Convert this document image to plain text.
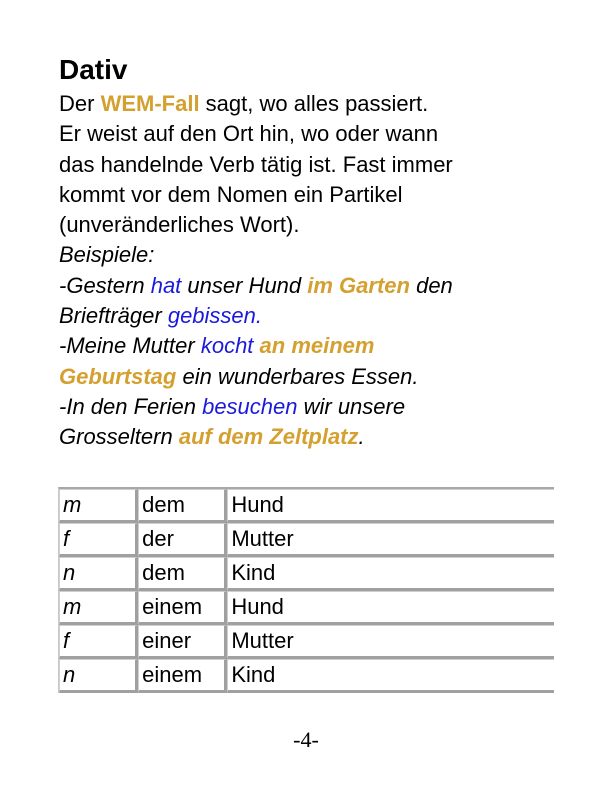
Dativ
Der WEM-Fall sagt, wo alles passiert.
Er weist auf den Ort hin, wo oder wann
das handelnde Verb tätig ist. Fast immer
kommt vor dem Nomen ein Partikel
(unveränderliches Wort).
Beispiele:
-Gestern hat unser Hund im Garten den
Briefträger gebissen.
-Meine Mutter kocht an meinem
Geburtstag ein wunderbares Essen.
-In den Ferien besuchen wir unsere
Grosseltern auf dem Zeltplatz.
m	dem	Hund
f	der	Mutter
n	dem	Kind
m	einem	Hund
f	einer	Mutter
n	einem	Kind
-4-
